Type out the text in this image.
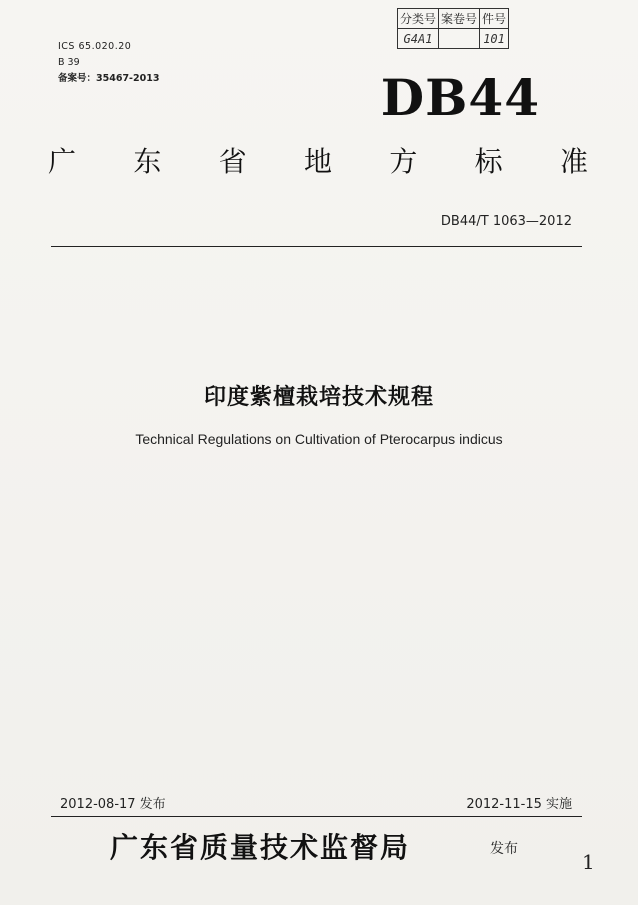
分类号	案卷号	件号
G4A1		101
ICS 65.020.20
B 39
备案号：35467-2013	DB44
广 东 省 地 方 标 准
DB44/T 1063—2012
印度紫檀栽培技术规程
Technical Regulations on Cultivation of Pterocarpus indicus
2012-08-17 发布	2012-11-15 实施
广东省质量技术监督局	发布
1
